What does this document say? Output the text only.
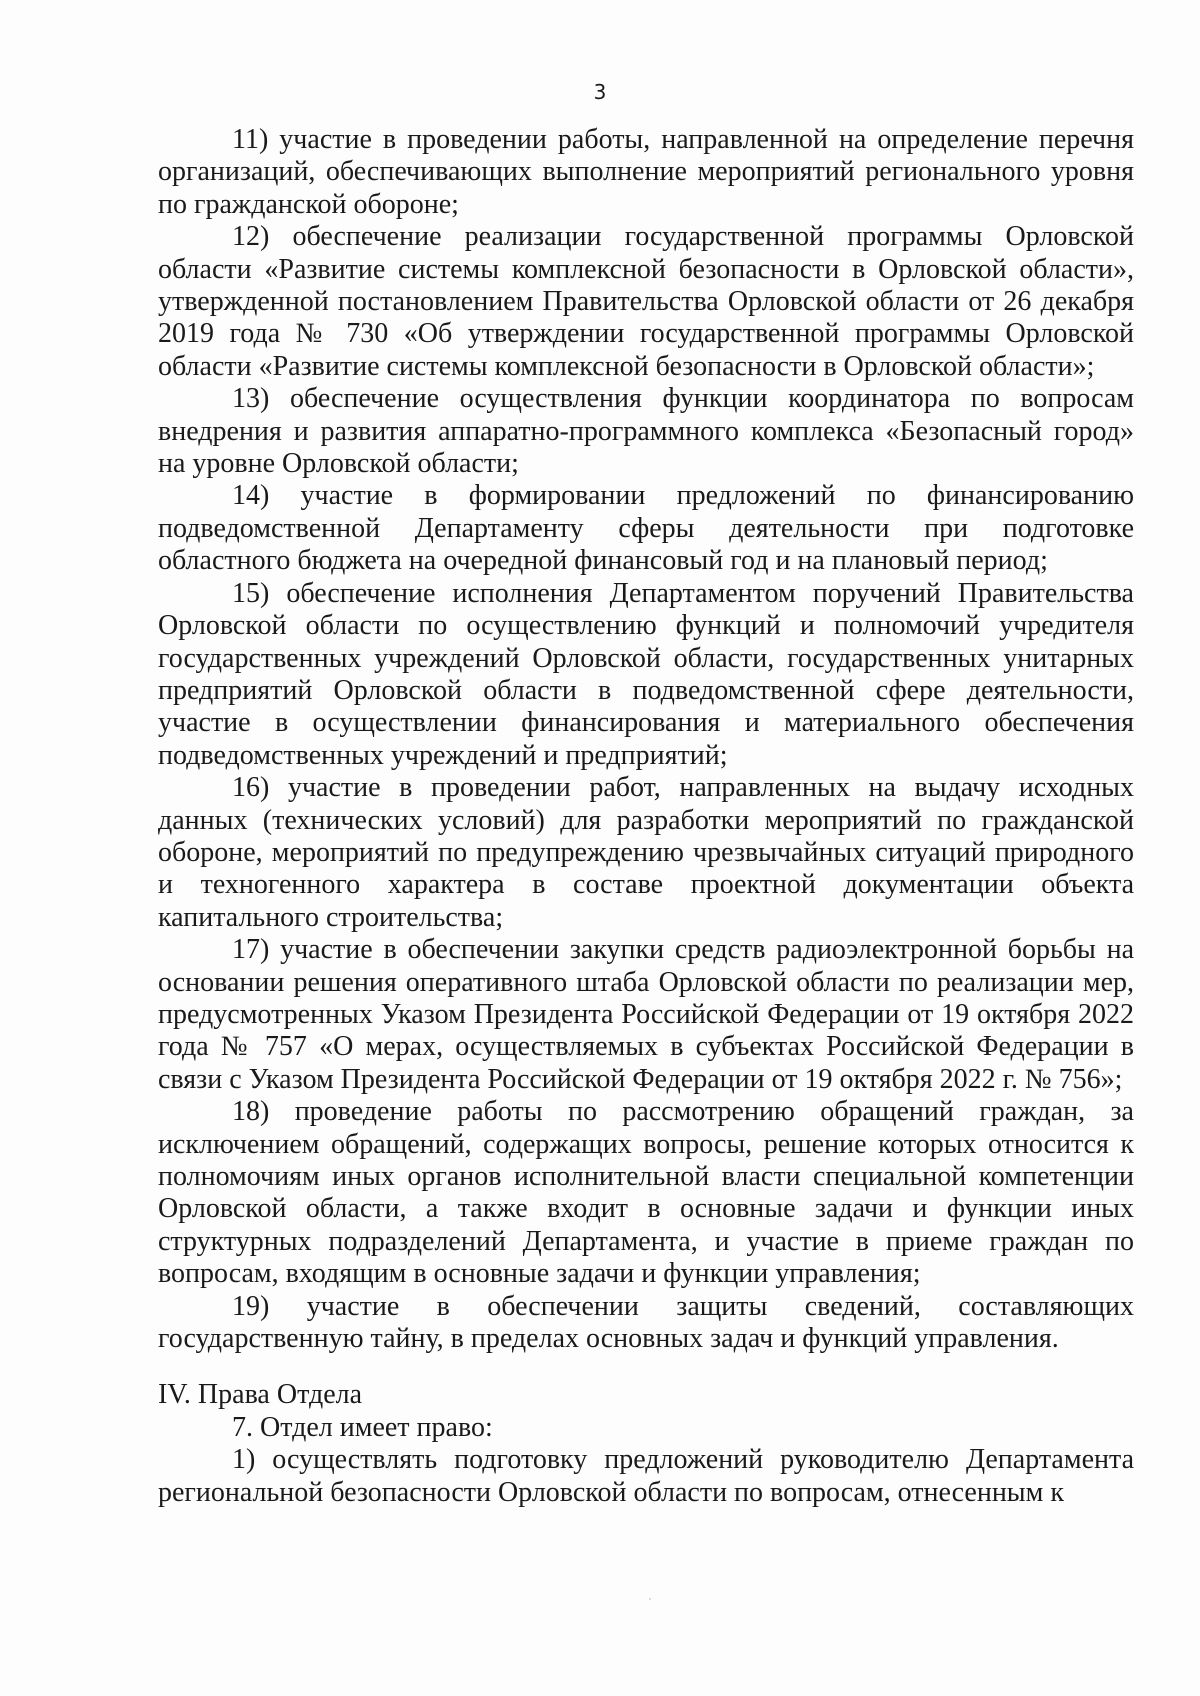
3

11) участие в проведении работы, направленной на определение перечня организаций, обеспечивающих выполнение мероприятий регионального уровня по гражданской обороне;

12) обеспечение реализации государственной программы Орловской области «Развитие системы комплексной безопасности в Орловской области», утвержденной постановлением Правительства Орловской области от 26 декабря 2019 года № 730 «Об утверждении государственной программы Орловской области «Развитие системы комплексной безопасности в Орловской области»;

13) обеспечение осуществления функции координатора по вопросам внедрения и развития аппаратно-программного комплекса «Безопасный город» на уровне Орловской области;

14) участие в формировании предложений по финансированию подведомственной Департаменту сферы деятельности при подготовке областного бюджета на очередной финансовый год и на плановый период;

15) обеспечение исполнения Департаментом поручений Правительства Орловской области по осуществлению функций и полномочий учредителя государственных учреждений Орловской области, государственных унитарных предприятий Орловской области в подведомственной сфере деятельности, участие в осуществлении финансирования и материального обеспечения подведомственных учреждений и предприятий;

16) участие в проведении работ, направленных на выдачу исходных данных (технических условий) для разработки мероприятий по гражданской обороне, мероприятий по предупреждению чрезвычайных ситуаций природного и техногенного характера в составе проектной документации объекта капитального строительства;

17) участие в обеспечении закупки средств радиоэлектронной борьбы на основании решения оперативного штаба Орловской области по реализации мер, предусмотренных Указом Президента Российской Федерации от 19 октября 2022 года № 757 «О мерах, осуществляемых в субъектах Российской Федерации в связи с Указом Президента Российской Федерации от 19 октября 2022 г. № 756»;

18) проведение работы по рассмотрению обращений граждан, за исключением обращений, содержащих вопросы, решение которых относится к полномочиям иных органов исполнительной власти специальной компетенции Орловской области, а также входит в основные задачи и функции иных структурных подразделений Департамента, и участие в приеме граждан по вопросам, входящим в основные задачи и функции управления;

19) участие в обеспечении защиты сведений, составляющих государственную тайну, в пределах основных задач и функций управления.

IV. Права Отдела

7. Отдел имеет право:

1) осуществлять подготовку предложений руководителю Департамента региональной безопасности Орловской области по вопросам, отнесенным к
